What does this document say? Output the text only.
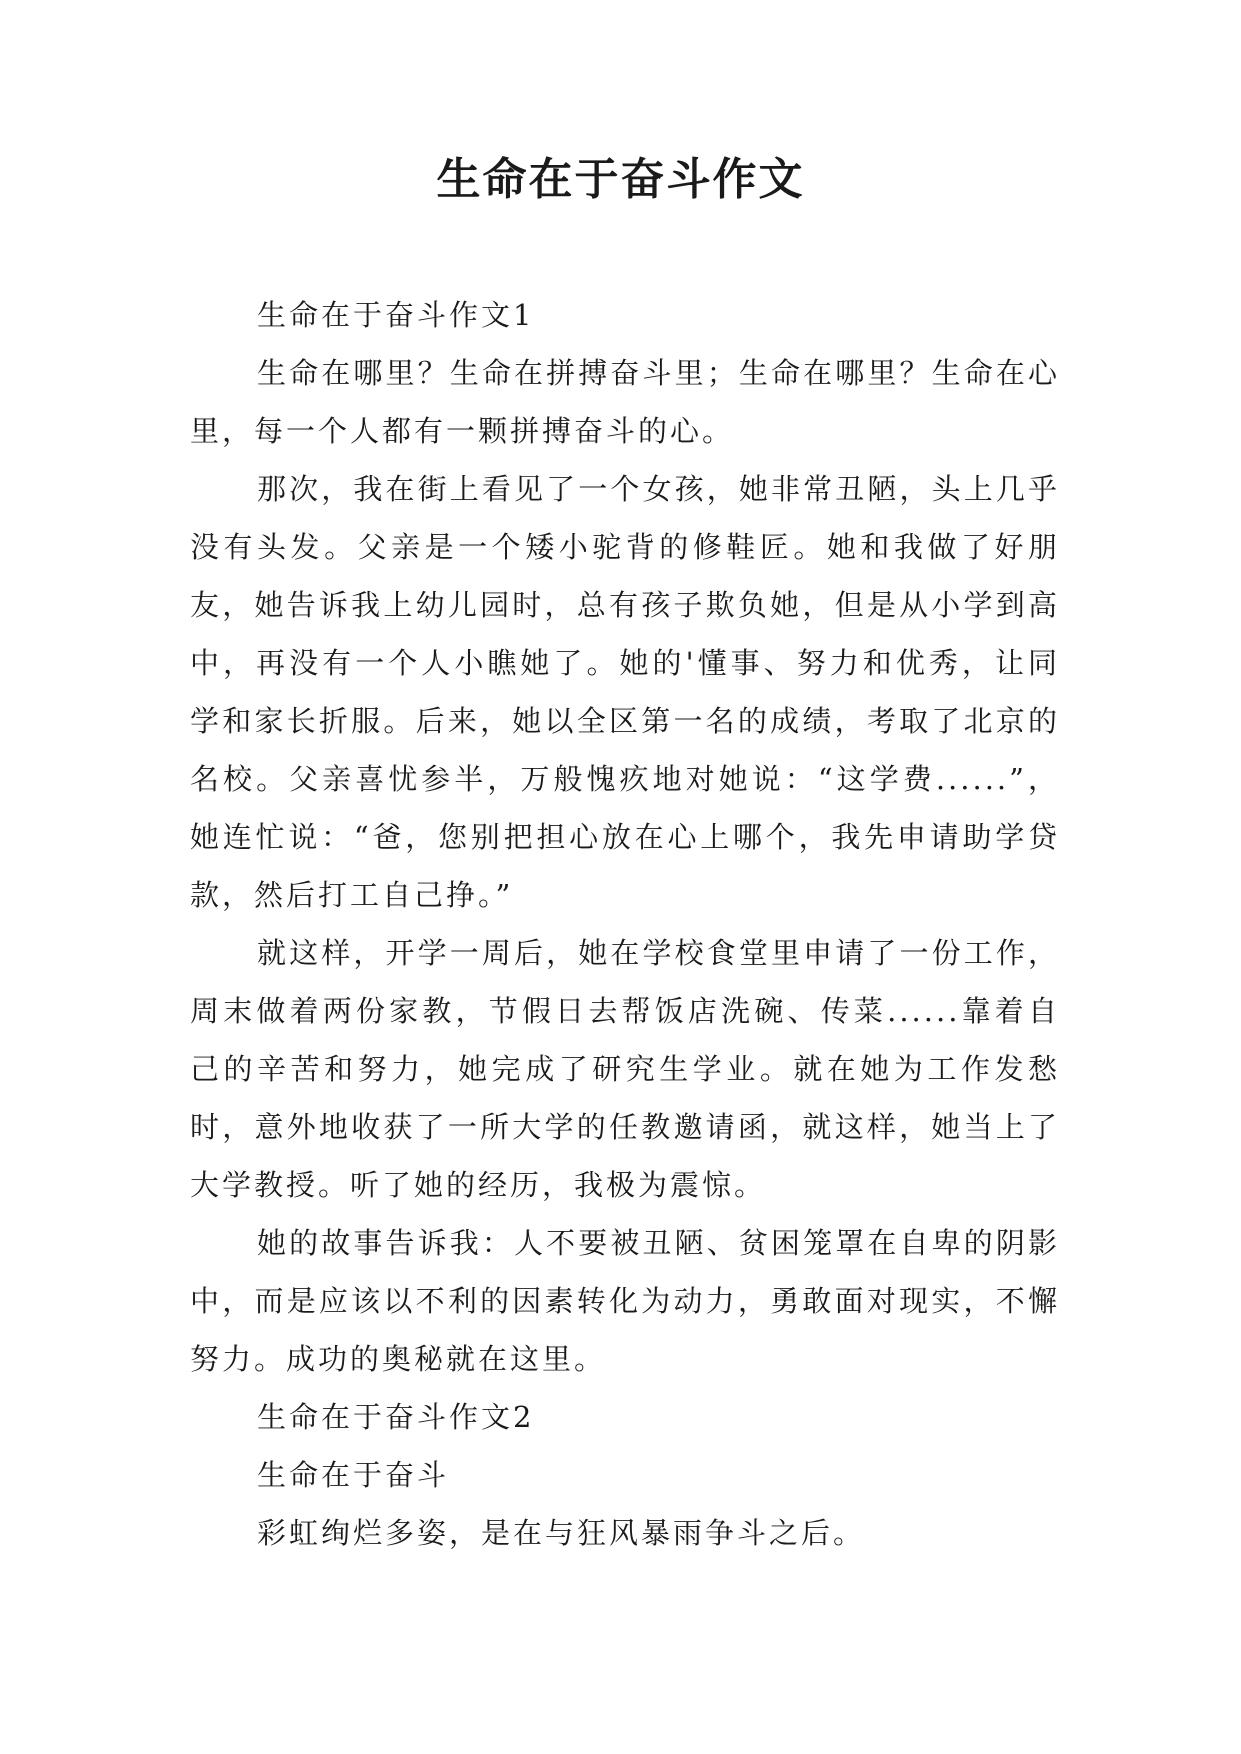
生命在于奋斗作文

生命在于奋斗作文1

生命在哪里？生命在拼搏奋斗里；生命在哪里？生命在心里，每一个人都有一颗拼搏奋斗的心。

那次，我在街上看见了一个女孩，她非常丑陋，头上几乎没有头发。父亲是一个矮小驼背的修鞋匠。她和我做了好朋友，她告诉我上幼儿园时，总有孩子欺负她，但是从小学到高中，再没有一个人小瞧她了。她的'懂事、努力和优秀，让同学和家长折服。后来，她以全区第一名的成绩，考取了北京的名校。父亲喜忧参半，万般愧疚地对她说：“这学费......”，她连忙说：“爸，您别把担心放在心上哪个，我先申请助学贷款，然后打工自己挣。”

就这样，开学一周后，她在学校食堂里申请了一份工作，周末做着两份家教，节假日去帮饭店洗碗、传菜......靠着自己的辛苦和努力，她完成了研究生学业。就在她为工作发愁时，意外地收获了一所大学的任教邀请函，就这样，她当上了大学教授。听了她的经历，我极为震惊。

她的故事告诉我：人不要被丑陋、贫困笼罩在自卑的阴影中，而是应该以不利的因素转化为动力，勇敢面对现实，不懈努力。成功的奥秘就在这里。

生命在于奋斗作文2

生命在于奋斗

彩虹绚烂多姿，是在与狂风暴雨争斗之后。
